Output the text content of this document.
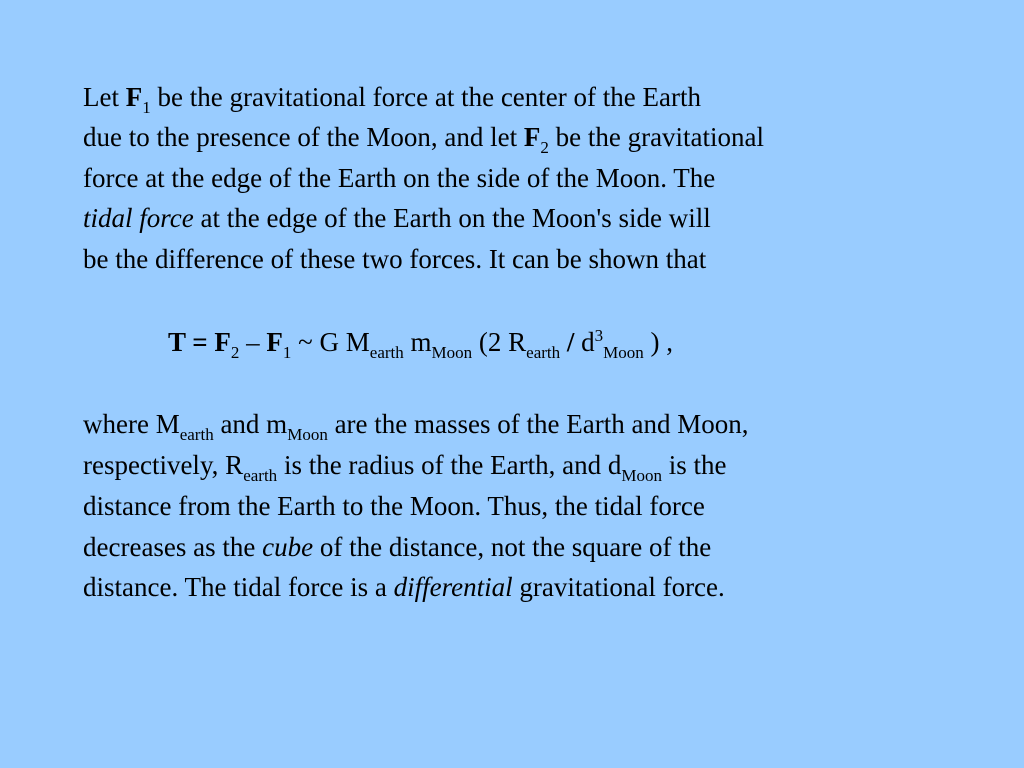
Let $F_1$ be the gravitational force at the center of the Earth
due to the presence of the Moon, and let $F_2$ be the gravitational
force at the edge of the Earth on the side of the Moon. The
tidal force at the edge of the Earth on the Moon's side will
be the difference of these two forces. It can be shown that
$T = F_2 - F_1$ ~ G $M_{earth}$ $m_{Moon}$ (2 $R_{earth} / d^3_{Moon}$ ) ,
where $M_{earth}$ and $m_{Moon}$ are the masses of the Earth and Moon,
respectively, $R_{earth}$ is the radius of the Earth, and $d_{Moon}$ is the
distance from the Earth to the Moon. Thus, the tidal force
decreases as the cube of the distance, not the square of the
distance. The tidal force is a differential gravitational force.
